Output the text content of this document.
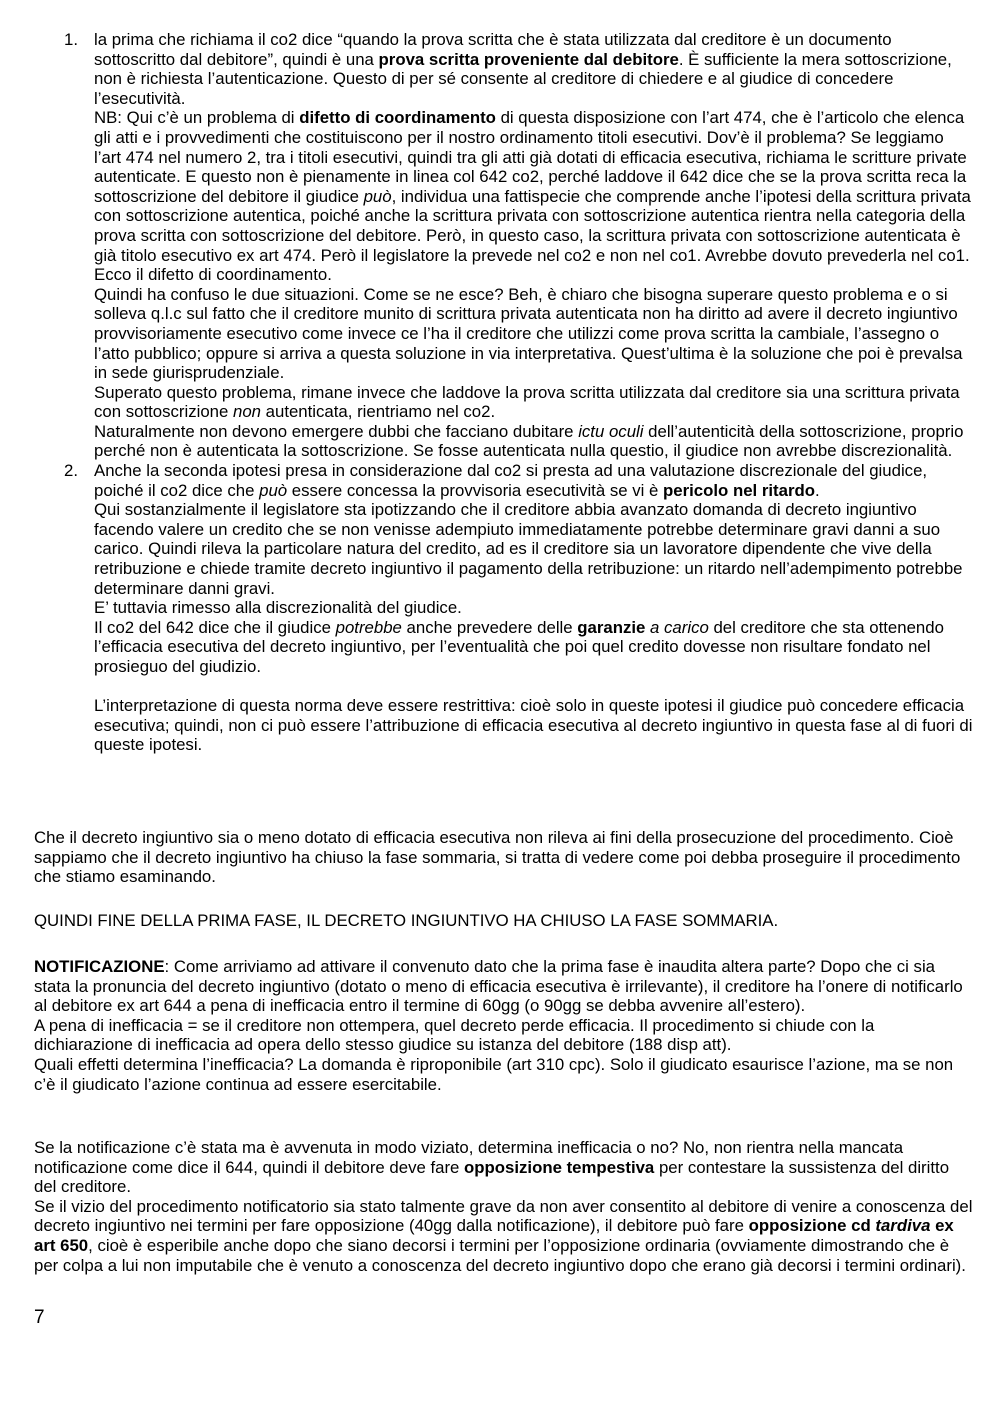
1. la prima che richiama il co2 dice “quando la prova scritta che è stata utilizzata dal creditore è un documento sottoscritto dal debitore”, quindi è una prova scritta proveniente dal debitore. È sufficiente la mera sottoscrizione, non è richiesta l’autenticazione. Questo di per sé consente al creditore di chiedere e al giudice di concedere l’esecutività.

NB: Qui c’è un problema di difetto di coordinamento di questa disposizione con l’art 474, che è l’articolo che elenca gli atti e i provvedimenti che costituiscono per il nostro ordinamento titoli esecutivi. Dov’è il problema? Se leggiamo l’art 474 nel numero 2, tra i titoli esecutivi, quindi tra gli atti già dotati di efficacia esecutiva, richiama le scritture private autenticate. E questo non è pienamente in linea col 642 co2, perché laddove il 642 dice che se la prova scritta reca la sottoscrizione del debitore il giudice può, individua una fattispecie che comprende anche l’ipotesi della scrittura privata con sottoscrizione autentica, poiché anche la scrittura privata con sottoscrizione autentica rientra nella categoria della prova scritta con sottoscrizione del debitore. Però, in questo caso, la scrittura privata con sottoscrizione autenticata è già titolo esecutivo ex art 474. Però il legislatore la prevede nel co2 e non nel co1. Avrebbe dovuto prevederla nel co1. Ecco il difetto di coordinamento.

Quindi ha confuso le due situazioni. Come se ne esce? Beh, è chiaro che bisogna superare questo problema e o si solleva q.l.c sul fatto che il creditore munito di scrittura privata autenticata non ha diritto ad avere il decreto ingiuntivo provvisoriamente esecutivo come invece ce l’ha il creditore che utilizzi come prova scritta la cambiale, l’assegno o l’atto pubblico; oppure si arriva a questa soluzione in via interpretativa. Quest’ultima è la soluzione che poi è prevalsa in sede giurisprudenziale.

Superato questo problema, rimane invece che laddove la prova scritta utilizzata dal creditore sia una scrittura privata con sottoscrizione non autenticata, rientriamo nel co2.

Naturalmente non devono emergere dubbi che facciano dubitare ictu oculi dell’autenticità della sottoscrizione, proprio perché non è autenticata la sottoscrizione. Se fosse autenticata nulla questio, il giudice non avrebbe discrezionalità.

2. Anche la seconda ipotesi presa in considerazione dal co2 si presta ad una valutazione discrezionale del giudice, poiché il co2 dice che può essere concessa la provvisoria esecutività se vi è pericolo nel ritardo.

Qui sostanzialmente il legislatore sta ipotizzando che il creditore abbia avanzato domanda di decreto ingiuntivo facendo valere un credito che se non venisse adempiuto immediatamente potrebbe determinare gravi danni a suo carico. Quindi rileva la particolare natura del credito, ad es il creditore sia un lavoratore dipendente che vive della retribuzione e chiede tramite decreto ingiuntivo il pagamento della retribuzione: un ritardo nell’adempimento potrebbe determinare danni gravi.

E’ tuttavia rimesso alla discrezionalità del giudice.

Il co2 del 642 dice che il giudice potrebbe anche prevedere delle garanzie a carico del creditore che sta ottenendo l’efficacia esecutiva del decreto ingiuntivo, per l’eventualità che poi quel credito dovesse non risultare fondato nel prosieguo del giudizio.

L’interpretazione di questa norma deve essere restrittiva: cioè solo in queste ipotesi il giudice può concedere efficacia esecutiva; quindi, non ci può essere l’attribuzione di efficacia esecutiva al decreto ingiuntivo in questa fase al di fuori di queste ipotesi.

Che il decreto ingiuntivo sia o meno dotato di efficacia esecutiva non rileva ai fini della prosecuzione del procedimento. Cioè sappiamo che il decreto ingiuntivo ha chiuso la fase sommaria, si tratta di vedere come poi debba proseguire il procedimento che stiamo esaminando.

QUINDI FINE DELLA PRIMA FASE, IL DECRETO INGIUNTIVO HA CHIUSO LA FASE SOMMARIA.

NOTIFICAZIONE: Come arriviamo ad attivare il convenuto dato che la prima fase è inaudita altera parte? Dopo che ci sia stata la pronuncia del decreto ingiuntivo (dotato o meno di efficacia esecutiva è irrilevante), il creditore ha l’onere di notificarlo al debitore ex art 644 a pena di inefficacia entro il termine di 60gg (o 90gg se debba avvenire all’estero).

A pena di inefficacia = se il creditore non ottempera, quel decreto perde efficacia. Il procedimento si chiude con la dichiarazione di inefficacia ad opera dello stesso giudice su istanza del debitore (188 disp att).

Quali effetti determina l’inefficacia? La domanda è riproponibile (art 310 cpc). Solo il giudicato esaurisce l’azione, ma se non c’è il giudicato l’azione continua ad essere esercitabile.

Se la notificazione c’è stata ma è avvenuta in modo viziato, determina inefficacia o no? No, non rientra nella mancata notificazione come dice il 644, quindi il debitore deve fare opposizione tempestiva per contestare la sussistenza del diritto del creditore.

Se il vizio del procedimento notificatorio sia stato talmente grave da non aver consentito al debitore di venire a conoscenza del decreto ingiuntivo nei termini per fare opposizione (40gg dalla notificazione), il debitore può fare opposizione cd tardiva ex art 650, cioè è esperibile anche dopo che siano decorsi i termini per l’opposizione ordinaria (ovviamente dimostrando che è per colpa a lui non imputabile che è venuto a conoscenza del decreto ingiuntivo dopo che erano già decorsi i termini ordinari).

7
